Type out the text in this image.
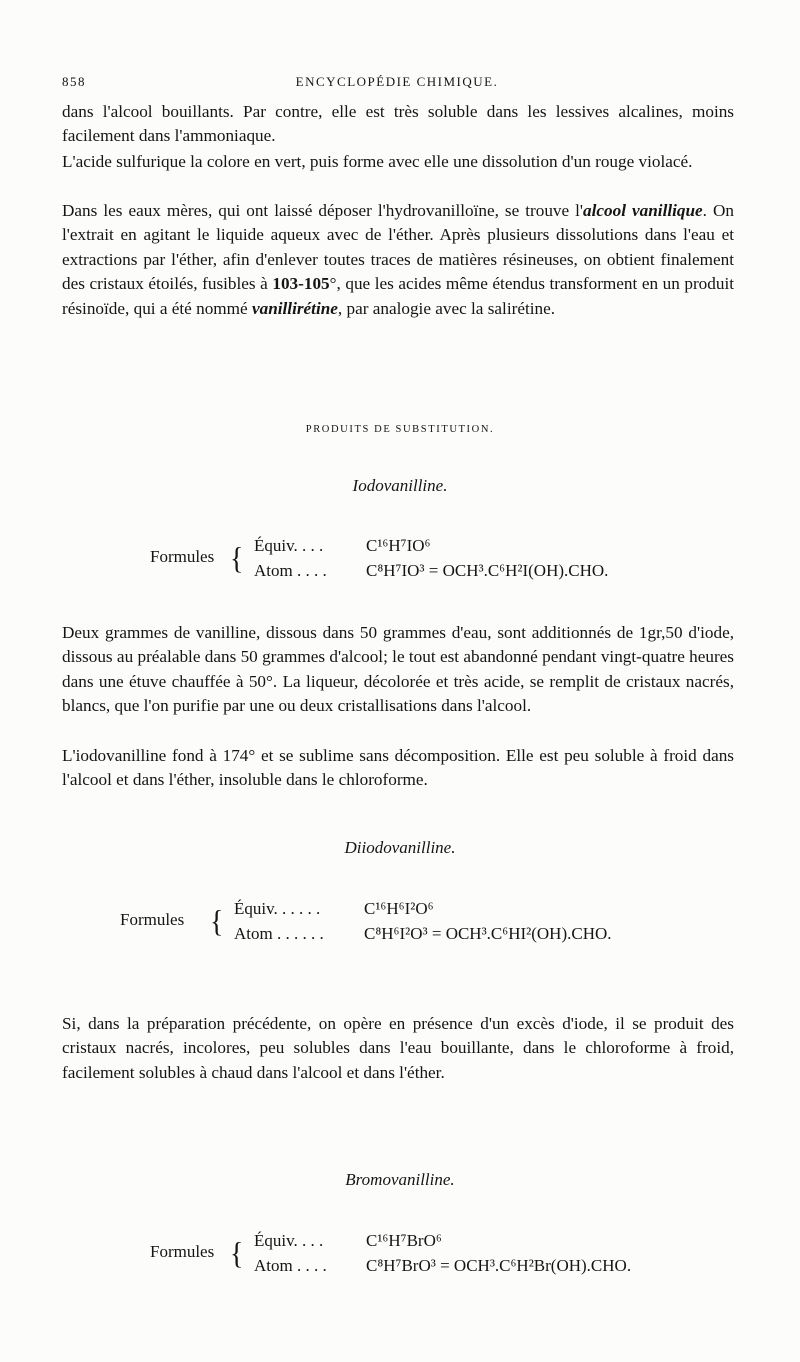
858	ENCYCLOPÉDIE CHIMIQUE.

dans l'alcool bouillants. Par contre, elle est très soluble dans les lessives alcalines, moins facilement dans l'ammoniaque.

L'acide sulfurique la colore en vert, puis forme avec elle une dissolution d'un rouge violacé.

Dans les eaux mères, qui ont laissé déposer l'hydrovanilloïne, se trouve l'alcool vanillique. On l'extrait en agitant le liquide aqueux avec de l'éther. Après plusieurs dissolutions dans l'eau et extractions par l'éther, afin d'enlever toutes traces de matières résineuses, on obtient finalement des cristaux étoilés, fusibles à 103-105°, que les acides même étendus transforment en un produit résinoïde, qui a été nommé vanillirétine, par analogie avec la salirétine.

PRODUITS DE SUBSTITUTION.
Iodovanilline.
Formules { Équiv. . . .	C¹⁶H⁷IO⁶
Atom . . . . C⁸H⁷IO³ = OCH³.C⁶H²I(OH).CHO.

Deux grammes de vanilline, dissous dans 50 grammes d'eau, sont additionnés de 1gr,50 d'iode, dissous au préalable dans 50 grammes d'alcool; le tout est abandonné pendant vingt-quatre heures dans une étuve chauffée à 50°. La liqueur, décolorée et très acide, se remplit de cristaux nacrés, blancs, que l'on purifie par une ou deux cristallisations dans l'alcool.

L'iodovanilline fond à 174° et se sublime sans décomposition. Elle est peu soluble à froid dans l'alcool et dans l'éther, insoluble dans le chloroforme.

Diiodovanilline.
Formules { Équiv. . . . . .	C¹⁶H⁶I²O⁶
Atom . . . . . . C⁸H⁶I²O³ = OCH³.C⁶HI²(OH).CHO.

Si, dans la préparation précédente, on opère en présence d'un excès d'iode, il se produit des cristaux nacrés, incolores, peu solubles dans l'eau bouillante, dans le chloroforme à froid, facilement solubles à chaud dans l'alcool et dans l'éther.

Bromovanilline.
Formules { Équiv. . . .	C¹⁶H⁷BrO⁶
Atom . . . . C⁸H⁷BrO³ = OCH³.C⁶H²Br(OH).CHO.
